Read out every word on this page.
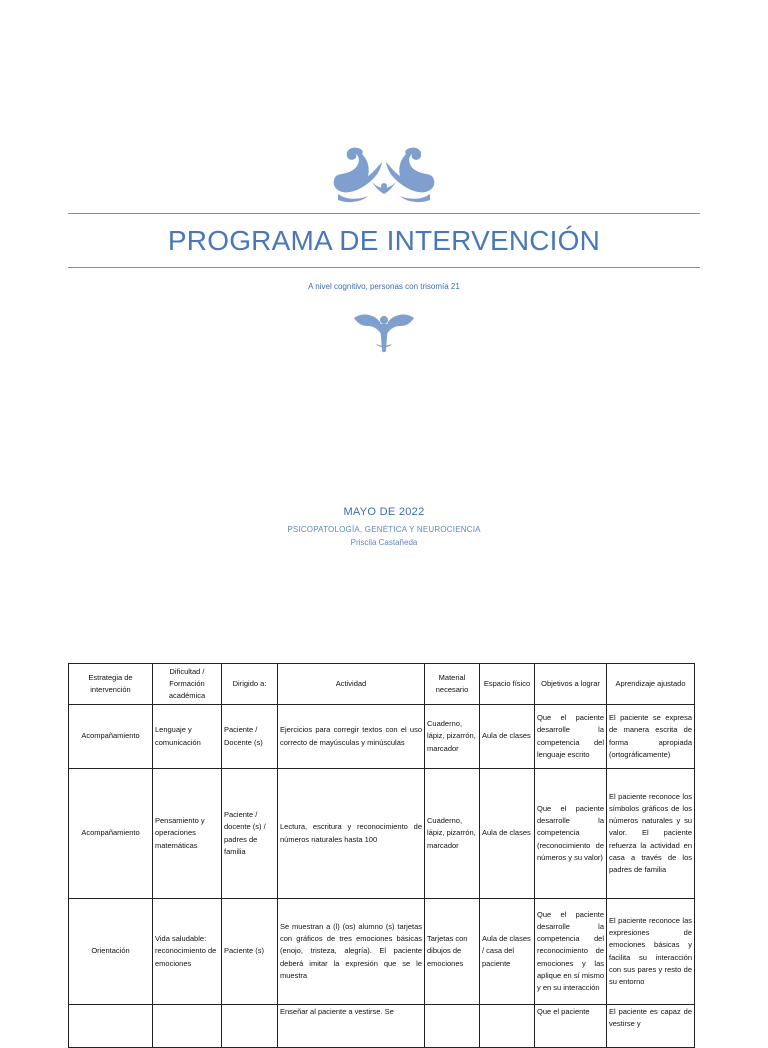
PROGRAMA DE INTERVENCIÓN
A nivel cognitivo, personas con trisomía 21
MAYO DE 2022
PSICOPATOLOGÍA, GENÉTICA Y NEUROCIENCIA
Priscila Castañeda
Estrategia de intervención	Dificultad / Formación académica	Dirigido a:	Actividad	Material necesario	Espacio físico	Objetivos a lograr	Aprendizaje ajustado
Acompañamiento	Lenguaje y comunicación	Paciente / Docente (s)	Ejercicios para corregir textos con el uso correcto de mayúsculas y minúsculas	Cuaderno, lápiz, pizarrón, marcador	Aula de clases	Que el paciente desarrolle la competencia del lenguaje escrito	El paciente se expresa de manera escrita de forma apropiada (ortográficamente)
Acompañamiento	Pensamiento y operaciones matemáticas	Paciente / docente (s) / padres de familia	Lectura, escritura y reconocimiento de números naturales hasta 100	Cuaderno, lápiz, pizarrón, marcador	Aula de clases	Que el paciente desarrolle la competencia (reconocimiento de números y su valor)	El paciente reconoce los símbolos gráficos de los números naturales y su valor. El paciente refuerza la actividad en casa a través de los padres de familia
Orientación	Vida saludable: reconocimiento de emociones	Paciente (s)	Se muestran a (l) (os) alumno (s) tarjetas con gráficos de tres emociones básicas (enojo, tristeza, alegría). El paciente deberá imitar la expresión que se le muestra	Tarjetas con dibujos de emociones	Aula de clases / casa del paciente	Que el paciente desarrolle la competencia del reconocimiento de emociones y las aplique en sí mismo y en su interacción	El paciente reconoce las expresiones de emociones básicas y facilita su interacción con sus pares y resto de su entorno
			Enseñar al paciente a vestirse. Se			Que el paciente	El paciente es capaz de vestirse y
